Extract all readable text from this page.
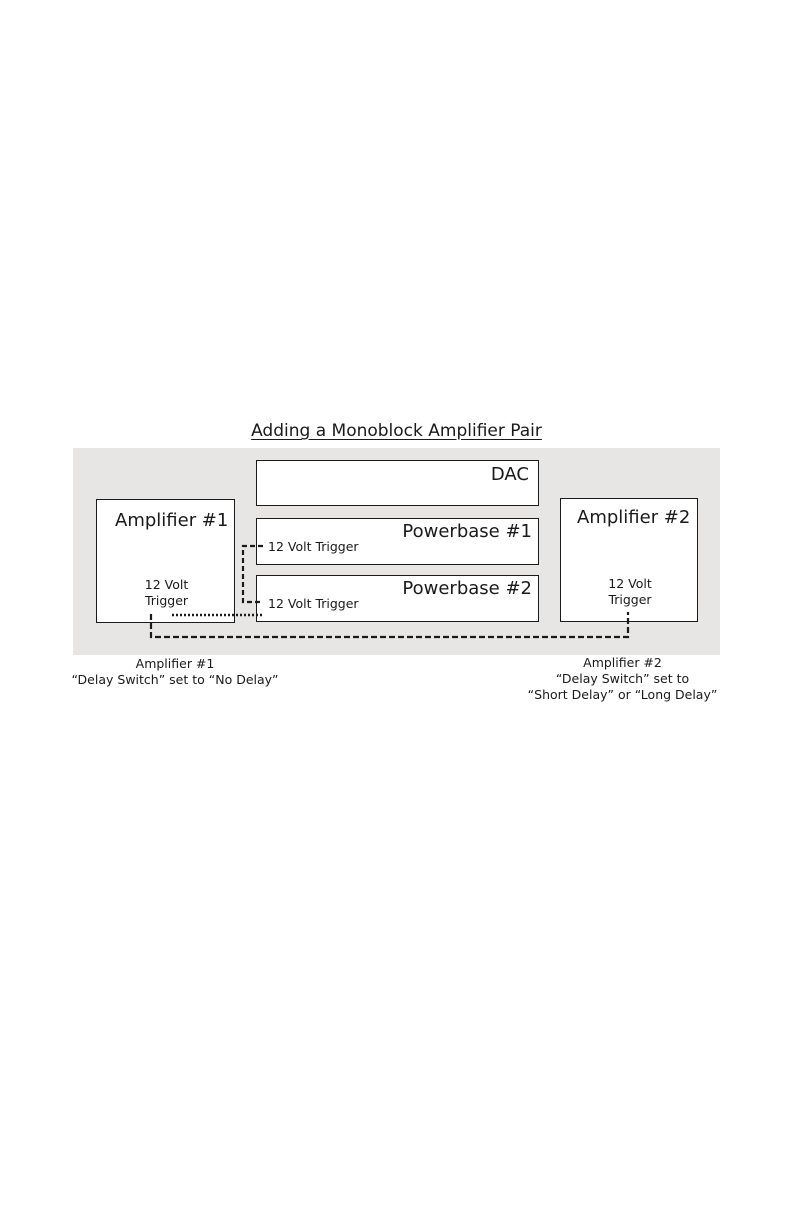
Adding a Monoblock Amplifier Pair
DAC
Powerbase #1
12 Volt Trigger
Powerbase #2
12 Volt Trigger
Amplifier #1
12 Volt
Trigger
Amplifier #2
12 Volt
Trigger
Amplifier #1
“Delay Switch” set to “No Delay”
Amplifier #2
“Delay Switch” set to
“Short Delay” or “Long Delay”
